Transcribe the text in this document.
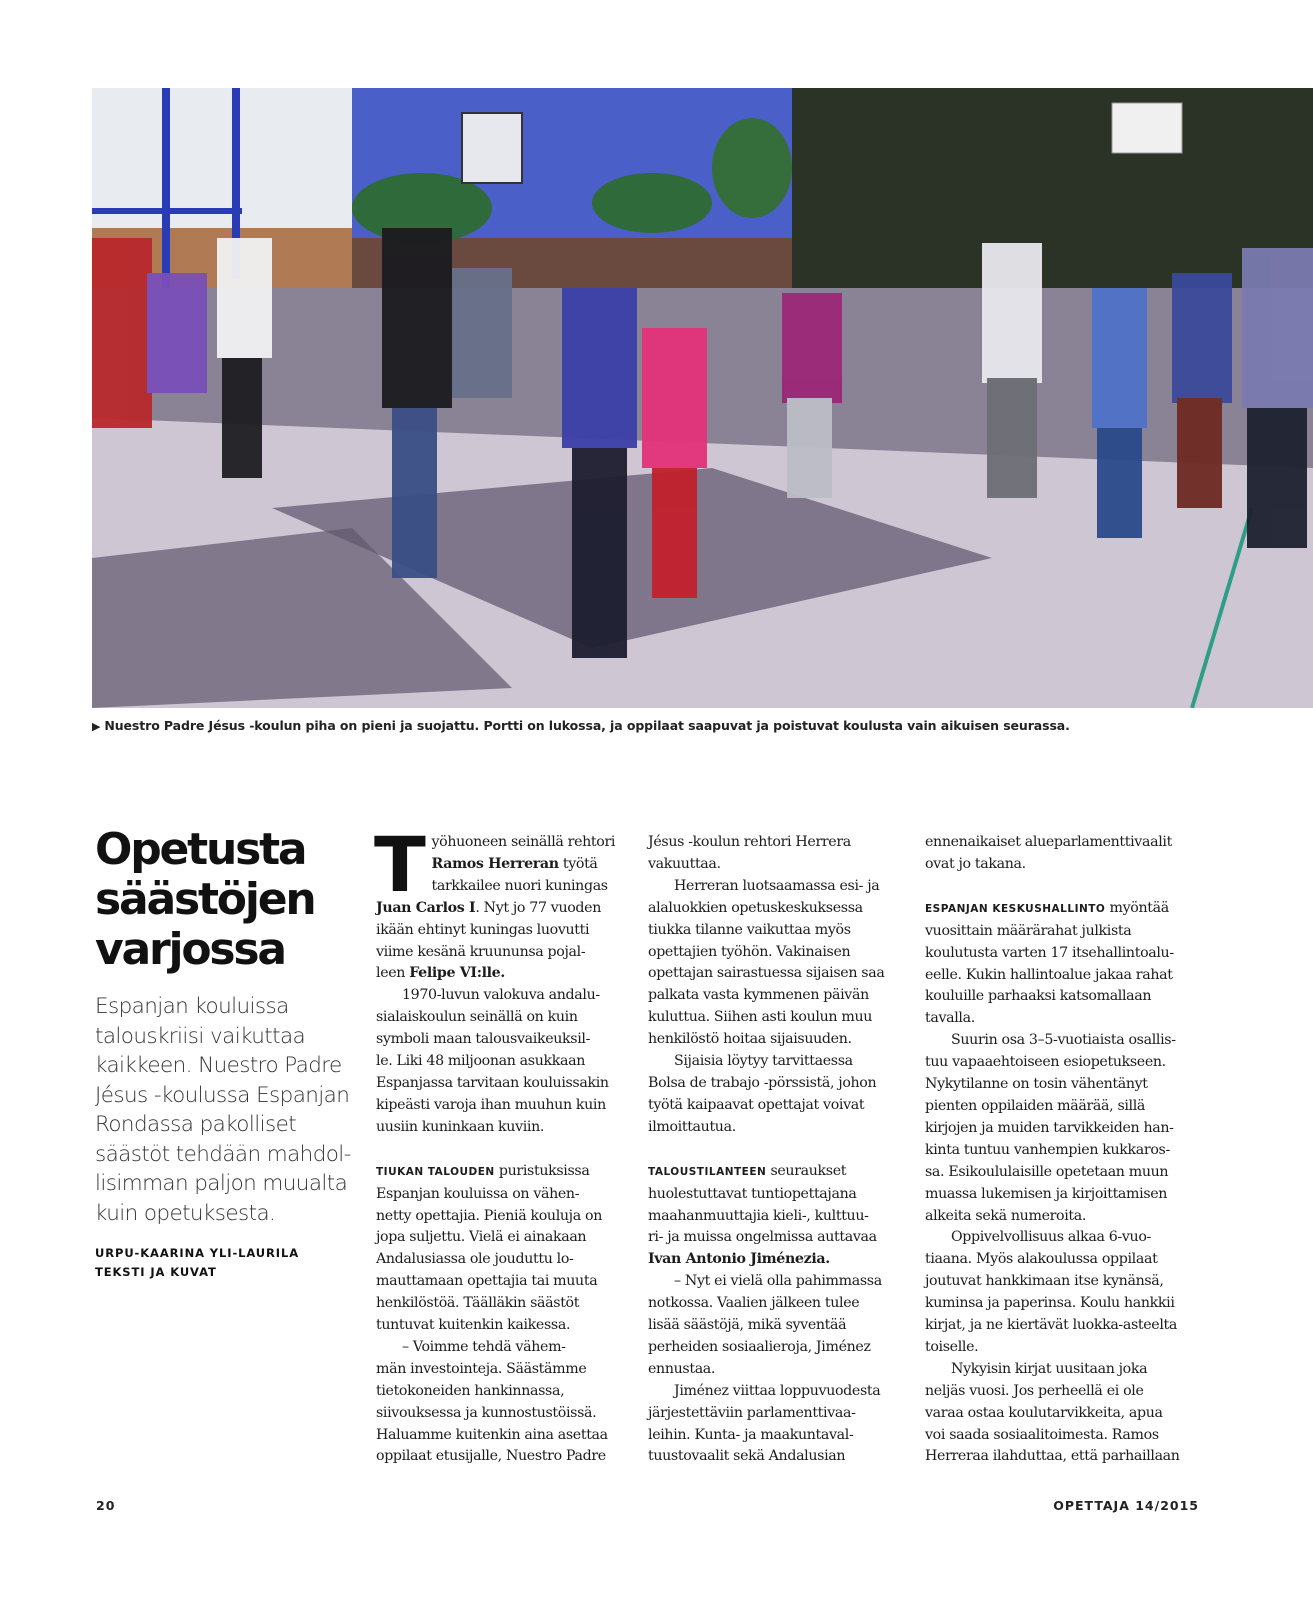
▶ Nuestro Padre Jésus -koulun piha on pieni ja suojattu. Portti on lukossa, ja oppilaat saapuvat ja poistuvat koulusta vain aikuisen seurassa.
Opetusta
säästöjen
varjossa
Espanjan kouluissa
talouskriisi vaikuttaa
kaikkeen. Nuestro Padre
Jésus -koulussa Espanjan
Rondassa pakolliset
säästöt tehdään mahdol-
lisimman paljon muualta
kuin opetuksesta.
URPU-KAARINA YLI-LAURILA
TEKSTI JA KUVAT
T yöhuoneen seinällä rehtori
Ramos Herreran työtä
tarkkailee nuori kuningas
Juan Carlos I. Nyt jo 77 vuoden
ikään ehtinyt kuningas luovutti
viime kesänä kruununsa pojal-
leen Felipe VI:lle.
1970-luvun valokuva andalu-
sialaiskoulun seinällä on kuin
symboli maan talousvaikeuksil-
le. Liki 48 miljoonan asukkaan
Espanjassa tarvitaan kouluissakin
kipeästi varoja ihan muuhun kuin
uusiin kuninkaan kuviin.
TIUKAN TALOUDEN puristuksissa
Espanjan kouluissa on vähen-
netty opettajia. Pieniä kouluja on
jopa suljettu. Vielä ei ainakaan
Andalusiassa ole jouduttu lo-
mauttamaan opettajia tai muuta
henkilöstöä. Täälläkin säästöt
tuntuvat kuitenkin kaikessa.
– Voimme tehdä vähem-
män investointeja. Säästämme
tietokoneiden hankinnassa,
siivouksessa ja kunnostustöissä.
Haluamme kuitenkin aina asettaa
oppilaat etusijalle, Nuestro Padre
Jésus -koulun rehtori Herrera
vakuuttaa.
Herreran luotsaamassa esi- ja
alaluokkien opetuskeskuksessa
tiukka tilanne vaikuttaa myös
opettajien työhön. Vakinaisen
opettajan sairastuessa sijaisen saa
palkata vasta kymmenen päivän
kuluttua. Siihen asti koulun muu
henkilöstö hoitaa sijaisuuden.
Sijaisia löytyy tarvittaessa
Bolsa de trabajo -pörssistä, johon
työtä kaipaavat opettajat voivat
ilmoittautua.
TALOUSTILANTEEN seuraukset
huolestuttavat tuntiopettajana
maahanmuuttajia kieli-, kulttuu-
ri- ja muissa ongelmissa auttavaa
Ivan Antonio Jiménezia.
– Nyt ei vielä olla pahimmassa
notkossa. Vaalien jälkeen tulee
lisää säästöjä, mikä syventää
perheiden sosiaalieroja, Jiménez
ennustaa.
Jiménez viittaa loppuvuodesta
järjestettäviin parlamenttivaa-
leihin. Kunta- ja maakuntaval-
tuustovaalit sekä Andalusian
ennenaikaiset alueparlamenttivaalit
ovat jo takana.
ESPANJAN KESKUSHALLINTO myöntää
vuosittain määrärahat julkista
koulutusta varten 17 itsehallintoalu-
eelle. Kukin hallintoalue jakaa rahat
kouluille parhaaksi katsomallaan
tavalla.
Suurin osa 3–5-vuotiaista osallis-
tuu vapaaehtoiseen esiopetukseen.
Nykytilanne on tosin vähentänyt
pienten oppilaiden määrää, sillä
kirjojen ja muiden tarvikkeiden han-
kinta tuntuu vanhempien kukkaros-
sa. Esikoululaisille opetetaan muun
muassa lukemisen ja kirjoittamisen
alkeita sekä numeroita.
Oppivelvollisuus alkaa 6-vuo-
tiaana. Myös alakoulussa oppilaat
joutuvat hankkimaan itse kynänsä,
kuminsa ja paperinsa. Koulu hankkii
kirjat, ja ne kiertävät luokka-asteelta
toiselle.
Nykyisin kirjat uusitaan joka
neljäs vuosi. Jos perheellä ei ole
varaa ostaa koulutarvikkeita, apua
voi saada sosiaalitoimesta. Ramos
Herreraa ilahduttaa, että parhaillaan
20	OPETTAJA 14/2015
